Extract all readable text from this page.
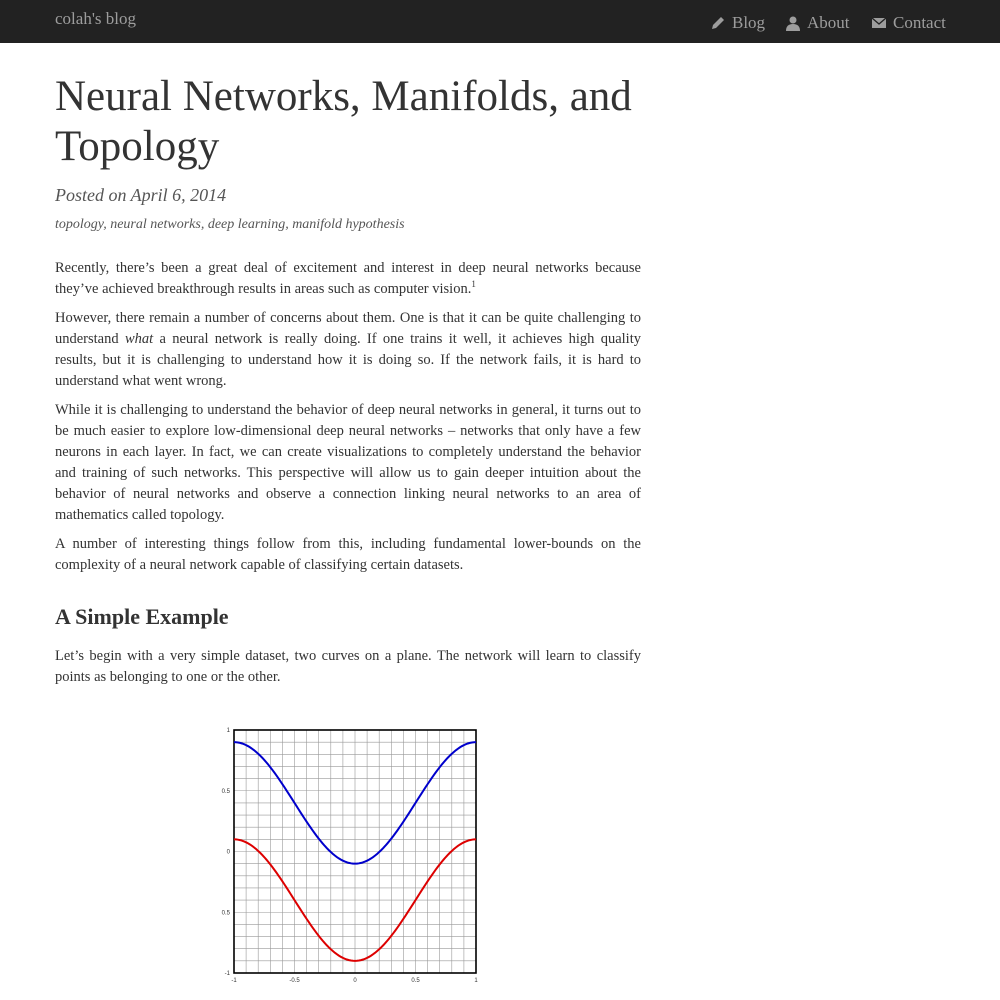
colah's blog	Blog About	Contact
Neural Networks, Manifolds, and Topology
Posted on April 6, 2014
topology, neural networks, deep learning, manifold hypothesis

Recently, there’s been a great deal of excitement and interest in deep neural networks because they’ve achieved breakthrough results in areas such as computer vision.$^1$

However, there remain a number of concerns about them. One is that it can be quite challenging to understand what a neural network is really doing. If one trains it well, it achieves high quality results, but it is challenging to understand how it is doing so. If the network fails, it is hard to understand what went wrong.

While it is challenging to understand the behavior of deep neural networks in general, it turns out to be much easier to explore low-dimensional deep neural networks – networks that only have a few neurons in each layer. In fact, we can create visualizations to completely understand the behavior and training of such networks. This perspective will allow us to gain deeper intuition about the behavior of neural networks and observe a connection linking neural networks to an area of mathematics called topology.

A number of interesting things follow from this, including fundamental lower-bounds on the complexity of a neural network capable of classifying certain datasets.

A Simple Example

Let’s begin with a very simple dataset, two curves on a plane. The network will learn to classify points as belonging to one or the other.

1
0.5
0
0.5
-1
-1	-0.5	0	0.5	1
